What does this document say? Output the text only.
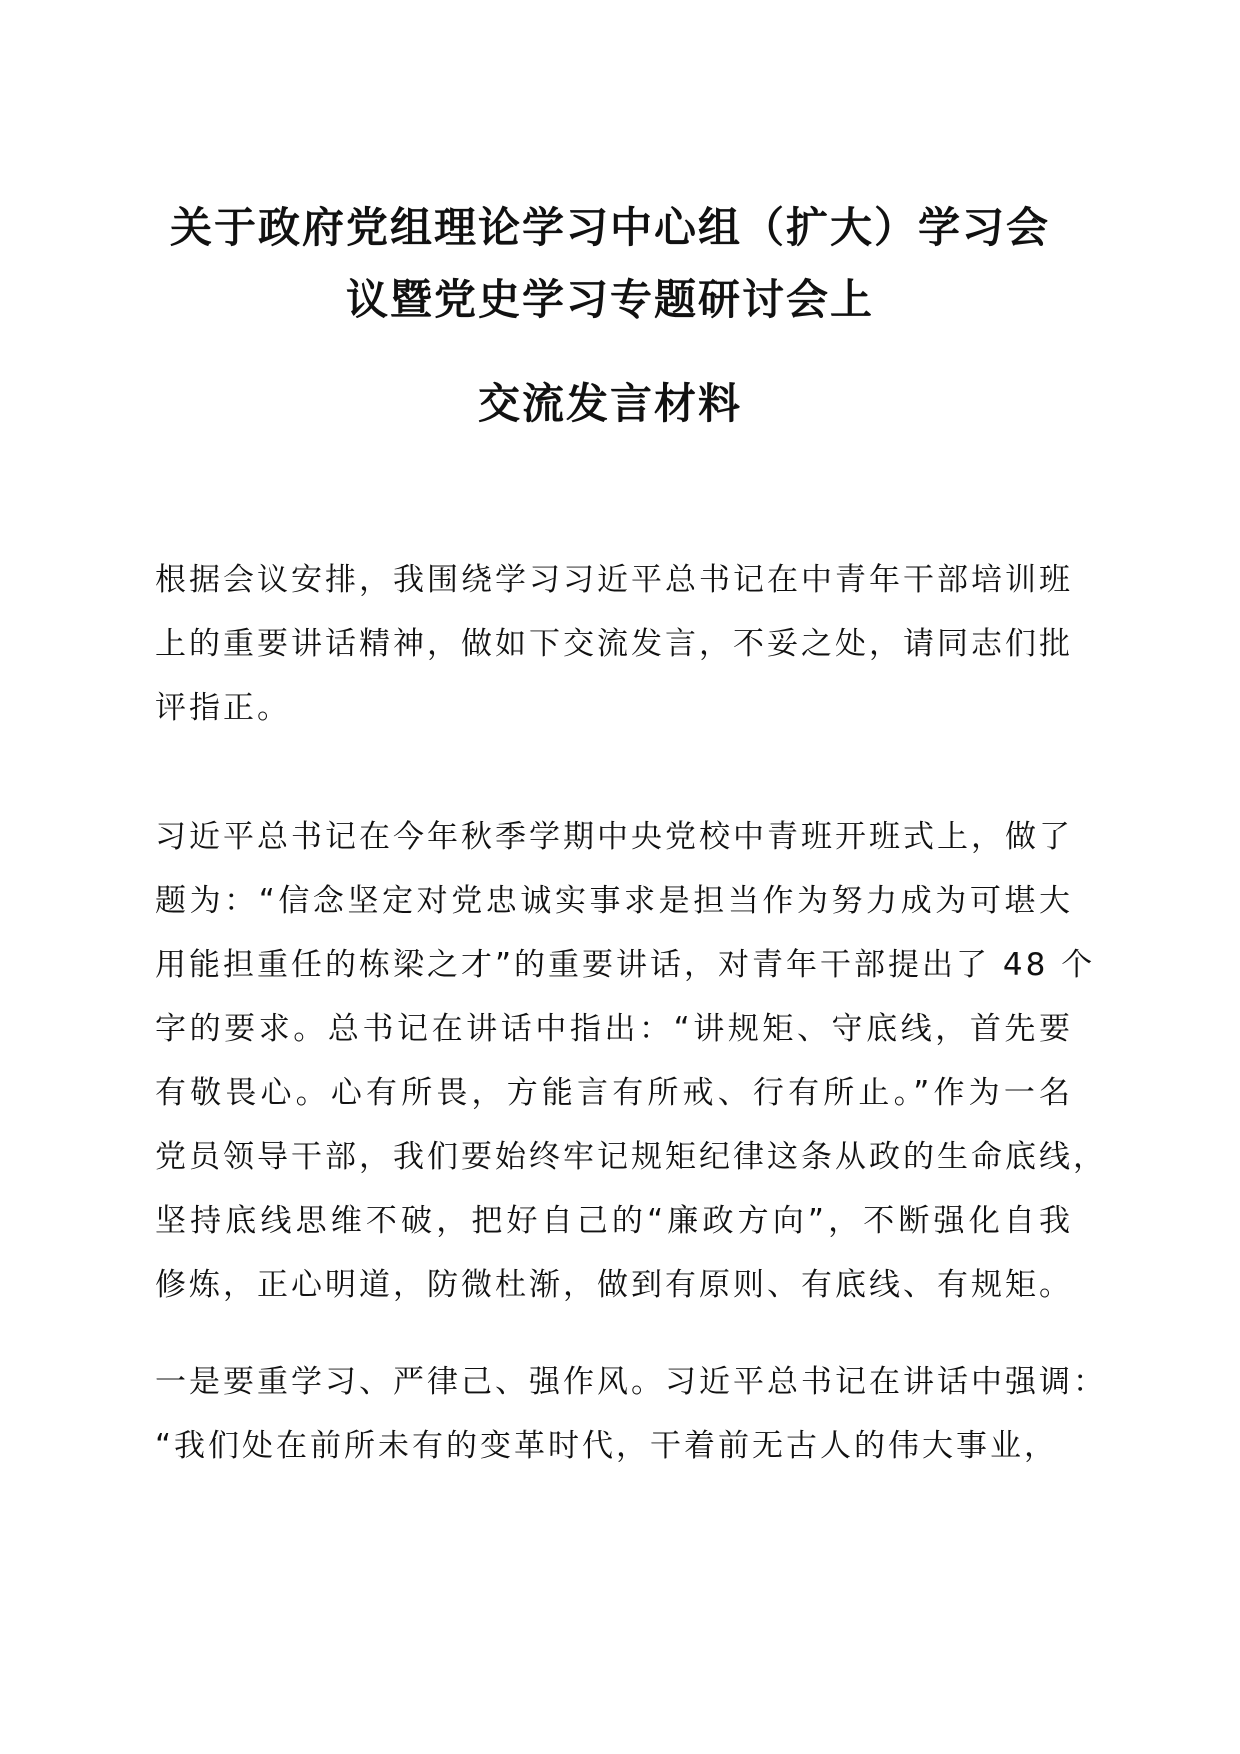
关于政府党组理论学习中心组（扩大）学习会
议暨党史学习专题研讨会上
交流发言材料
根据会议安排，我围绕学习习近平总书记在中青年干部培训班
上的重要讲话精神，做如下交流发言，不妥之处，请同志们批
评指正。
习近平总书记在今年秋季学期中央党校中青班开班式上，做了
题为：“信念坚定对党忠诚实事求是担当作为努力成为可堪大
用能担重任的栋梁之才”的重要讲话，对青年干部提出了 48 个
字的要求。总书记在讲话中指出：“讲规矩、守底线，首先要
有敬畏心。心有所畏，方能言有所戒、行有所止。”作为一名
党员领导干部，我们要始终牢记规矩纪律这条从政的生命底线，
坚持底线思维不破，把好自己的“廉政方向”，不断强化自我
修炼，正心明道，防微杜渐，做到有原则、有底线、有规矩。
一是要重学习、严律己、强作风。习近平总书记在讲话中强调：
“我们处在前所未有的变革时代，干着前无古人的伟大事业，
